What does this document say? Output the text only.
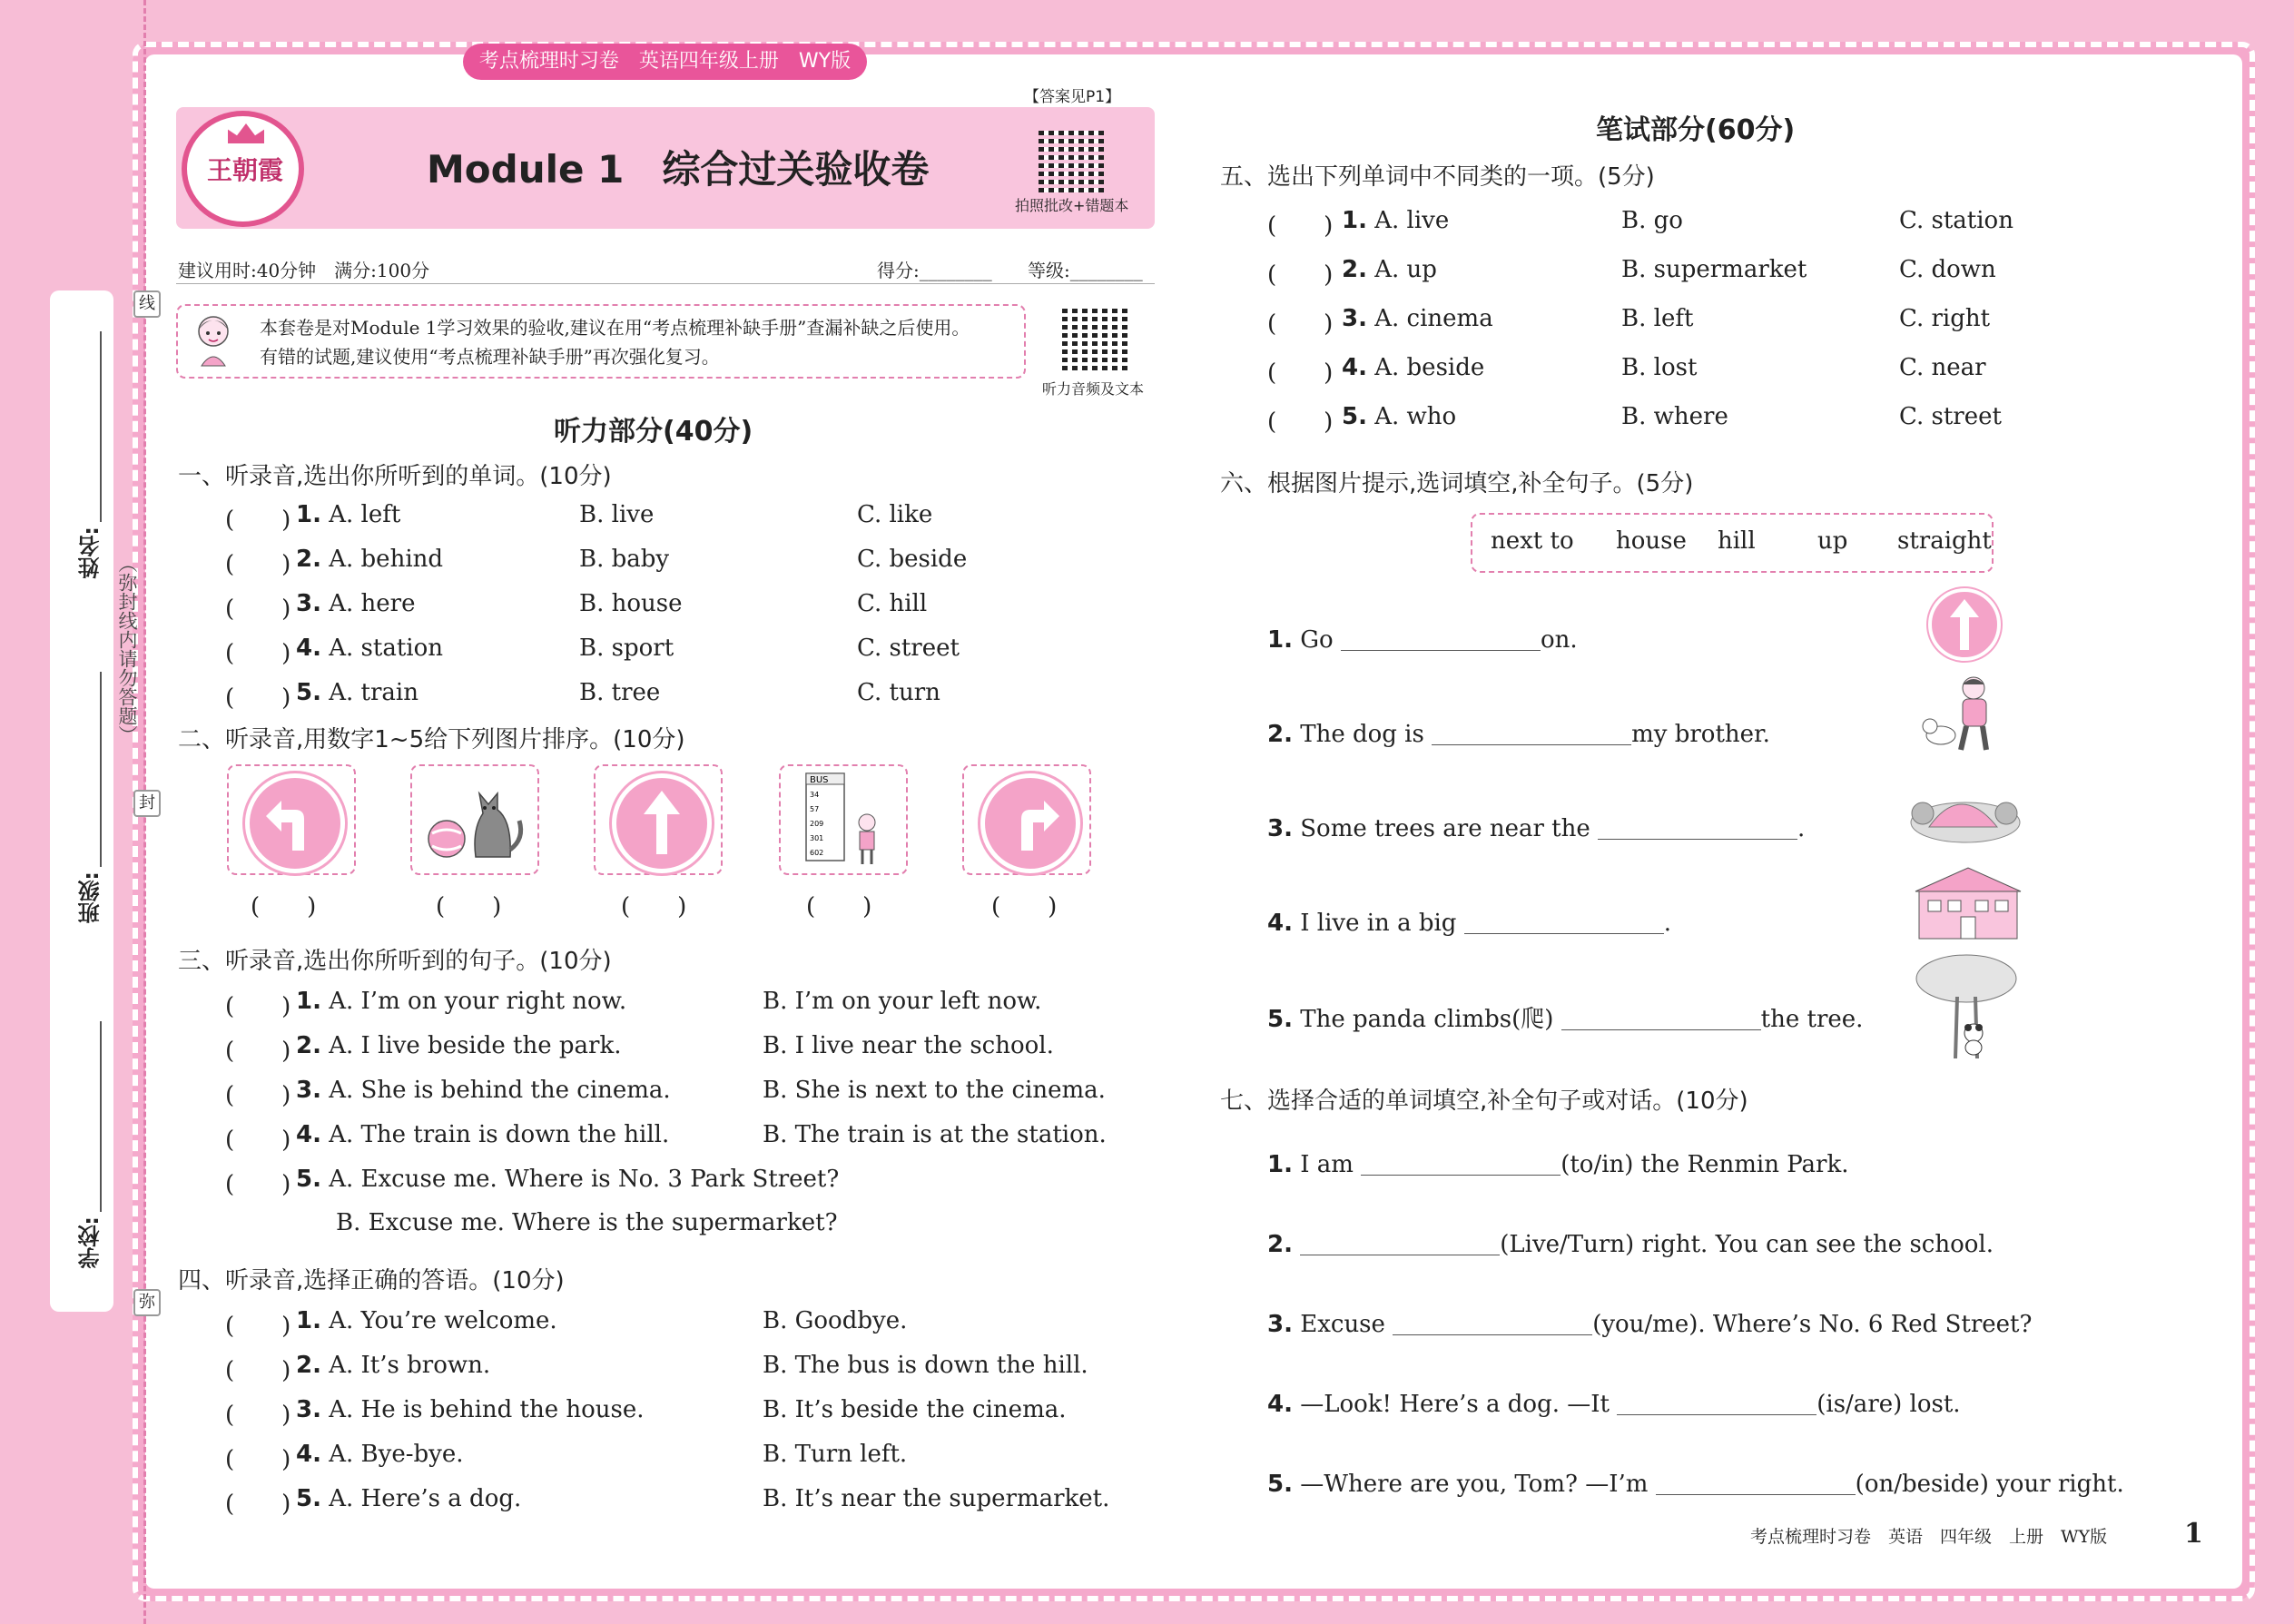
姓名:
班级:
学校:
（弥封线内请勿答题）
线
封
弥
考点梳理时习卷　英语四年级上册　WY版
【答案见P1】
王朝霞	Module 1　综合过关验收卷
拍照批改+错题本
听力音频及文本
建议用时:40分钟　满分:100分	得分:________ 等级:________
本套卷是对Module 1学习效果的验收,建议在用“考点梳理补缺手册”查漏补缺之后使用。
有错的试题,建议使用“考点梳理补缺手册”再次强化复习。
听力部分(40分)
一、听录音,选出你所听到的单词。(10分)
二、听录音,用数字1~5给下列图片排序。(10分)
BUS
34
57
209
301
602
(　　)	(　　)	(　　)	(　　)	(　　)
三、听录音,选出你所听到的句子。(10分)
(　　) 5. A. Excuse me. Where is No. 3 Park Street?
B. Excuse me. Where is the supermarket?
四、听录音,选择正确的答语。(10分)
笔试部分(60分)
五、选出下列单词中不同类的一项。(5分)
六、根据图片提示,选词填空,补全句子。(5分)
next to house hill	up straight
七、选择合适的单词填空,补全句子或对话。(10分)
考点梳理时习卷　英语　四年级　上册　WY版	1
(　　) 1. A. left	B. live	C. like
(　　) 2. A. behind	B. baby	C. beside
(　　) 3. A. here	B. house	C. hill
(　　) 4. A. station	B. sport	C. street
(　　) 5. A. train	B. tree	C. turn
(　　) 1. A. I’m on your right now.	B. I’m on your left now.
(　　) 2. A. I live beside the park.	B. I live near the school.
(　　) 3. A. She is behind the cinema.	B. She is next to the cinema.
(　　) 4. A. The train is down the hill.	B. The train is at the station.
(　　) 1. A. You’re welcome.	B. Goodbye.
(　　) 2. A. It’s brown.	B. The bus is down the hill.
(　　) 3. A. He is behind the house.	B. It’s beside the cinema.
(　　) 4. A. Bye-bye.	B. Turn left.
(　　) 5. A. Here’s a dog.	B. It’s near the supermarket.
(　　) 1. A. live	B. go	C. station
(　　) 2. A. up	B. supermarket	C. down
(　　) 3. A. cinema	B. left	C. right
(　　) 4. A. beside	B. lost	C. near
(　　) 5. A. who	B. where	C. street
1. Go	on.
2. The dog is	my brother.
3. Some trees are near the	.
4. I live in a big	.
5. The panda climbs(爬)	the tree.
1. I am	(to/in) the Renmin Park.
2.	(Live/Turn) right. You can see the school.
3. Excuse	(you/me). Where’s No. 6 Red Street?
4. —Look! Here’s a dog. —It	(is/are) lost.
5. —Where are you, Tom? —I’m	(on/beside) your right.
